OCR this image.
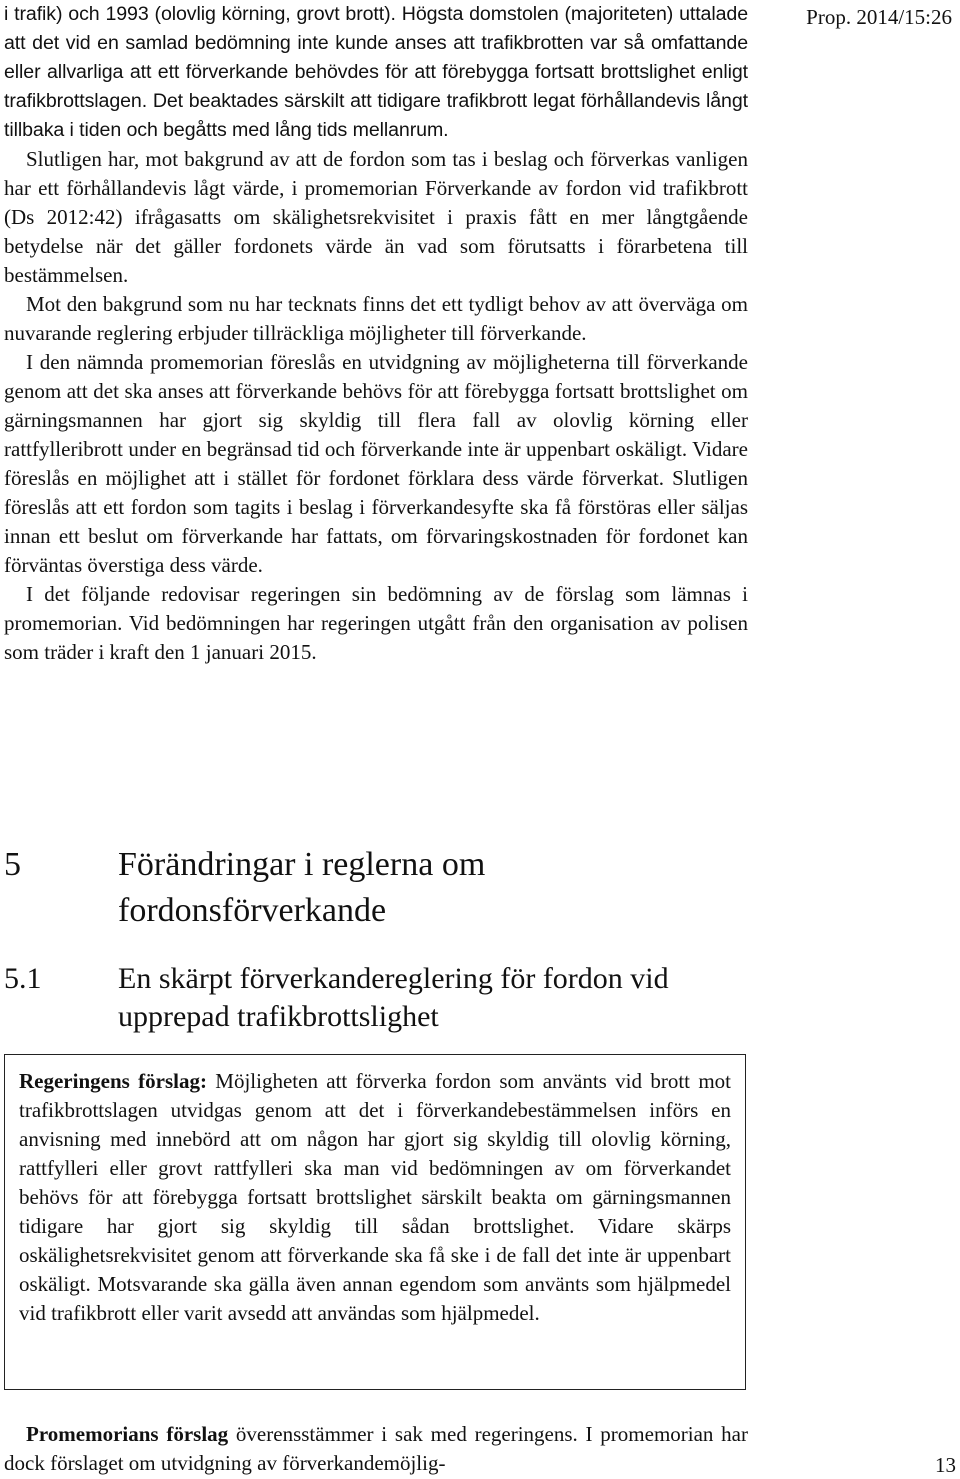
Prop. 2014/15:26

i trafik) och 1993 (olovlig körning, grovt brott). Högsta domstolen (majoriteten) uttalade att det vid en samlad bedömning inte kunde anses att trafikbrotten var så omfattande eller allvarliga att ett förverkande behövdes för att förebygga fortsatt brottslighet enligt trafikbrottslagen. Det beaktades särskilt att tidigare trafikbrott legat förhållandevis långt tillbaka i tiden och begåtts med lång tids mellanrum.

Slutligen har, mot bakgrund av att de fordon som tas i beslag och förverkas vanligen har ett förhållandevis lågt värde, i promemorian Förverkande av fordon vid trafikbrott (Ds 2012:42) ifrågasatts om skälighetsrekvisitet i praxis fått en mer långtgående betydelse när det gäller fordonets värde än vad som förutsatts i förarbetena till bestämmelsen.

Mot den bakgrund som nu har tecknats finns det ett tydligt behov av att överväga om nuvarande reglering erbjuder tillräckliga möjligheter till förverkande.

I den nämnda promemorian föreslås en utvidgning av möjligheterna till förverkande genom att det ska anses att förverkande behövs för att förebygga fortsatt brottslighet om gärningsmannen har gjort sig skyldig till flera fall av olovlig körning eller rattfylleribrott under en begränsad tid och förverkande inte är uppenbart oskäligt. Vidare föreslås en möjlighet att i stället för fordonet förklara dess värde förverkat. Slutligen föreslås att ett fordon som tagits i beslag i förverkandesyfte ska få förstöras eller säljas innan ett beslut om förverkande har fattats, om förvaringskostnaden för fordonet kan förväntas överstiga dess värde.

I det följande redovisar regeringen sin bedömning av de förslag som lämnas i promemorian. Vid bedömningen har regeringen utgått från den organisation av polisen som träder i kraft den 1 januari 2015.

5	Förändringar i reglerna om fordonsförverkande
5.1	En skärpt förverkandereglering för fordon vid upprepad trafikbrottslighet

Regeringens förslag: Möjligheten att förverka fordon som använts vid brott mot trafikbrottslagen utvidgas genom att det i förverkandebestämmelsen införs en anvisning med innebörd att om någon har gjort sig skyldig till olovlig körning, rattfylleri eller grovt rattfylleri ska man vid bedömningen av om förverkandet behövs för att förebygga fortsatt brottslighet särskilt beakta om gärningsmannen tidigare har gjort sig skyldig till sådan brottslighet. Vidare skärps oskälighetsrekvisitet genom att förverkande ska få ske i de fall det inte är uppenbart oskäligt. Motsvarande ska gälla även annan egendom som använts som hjälpmedel vid trafikbrott eller varit avsedd att användas som hjälpmedel.

Promemorians förslag överensstämmer i sak med regeringens. I promemorian har dock förslaget om utvidgning av förverkandemöjlig-	13
